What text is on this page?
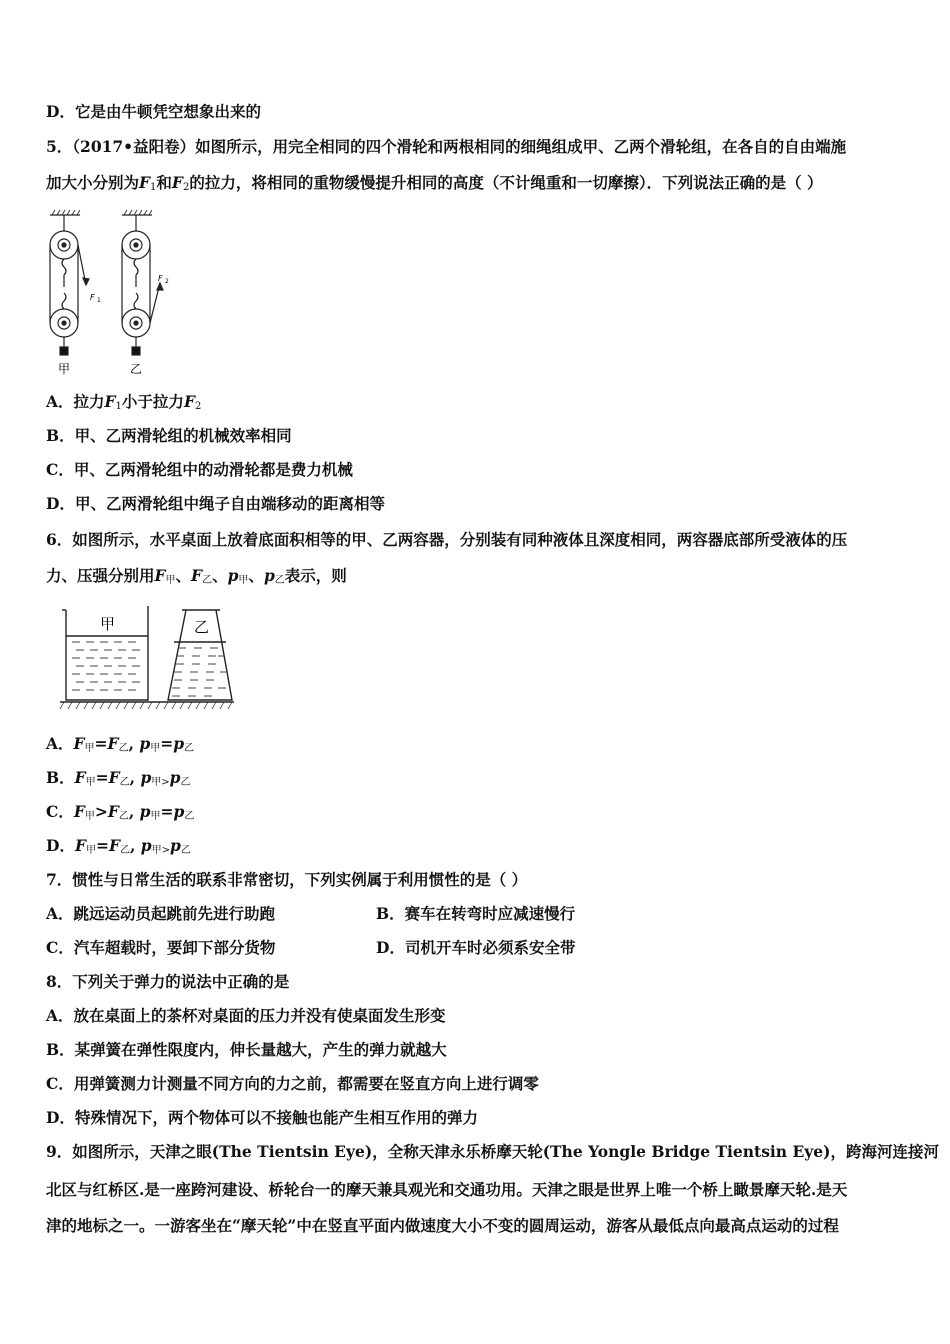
D．它是由牛顿凭空想象出来的
5．（2017•益阳卷）如图所示，用完全相同的四个滑轮和两根相同的细绳组成甲、乙两个滑轮组，在各自的自由端施
加大小分别为$F_1$和$F_2$的拉力，将相同的重物缓慢提升相同的高度（不计绳重和一切摩擦）．下列说法正确的是（ ）
F 1
F 2
甲	乙
A．拉力$F_1$小于拉力$F_2$
B．甲、乙两滑轮组的机械效率相同
C．甲、乙两滑轮组中的动滑轮都是费力机械
D．甲、乙两滑轮组中绳子自由端移动的距离相等
6．如图所示，水平桌面上放着底面积相等的甲、乙两容器，分别装有同种液体且深度相同，两容器底部所受液体的压
力、压强分别用$F_甲$、$F_乙$、$p_甲$、$p_乙$表示，则
甲	乙
A．$F_甲=F_乙$, $p_甲=p_乙$
B．$F_甲=F_乙$, $p_{甲>}p_乙$
C．$F_甲>F_乙$, $p_甲=p_乙$
D．$F_甲=F_乙$, $p_{甲>}p_乙$
7．惯性与日常生活的联系非常密切，下列实例属于利用惯性的是（ ）
A．跳远运动员起跳前先进行助跑	B．赛车在转弯时应减速慢行
C．汽车超载时，要卸下部分货物	D．司机开车时必须系安全带
8．下列关于弹力的说法中正确的是
A．放在桌面上的茶杯对桌面的压力并没有使桌面发生形变
B．某弹簧在弹性限度内，伸长量越大，产生的弹力就越大
C．用弹簧测力计测量不同方向的力之前，都需要在竖直方向上进行调零
D．特殊情况下，两个物体可以不接触也能产生相互作用的弹力
9．如图所示，天津之眼(The Tientsin Eye)，全称天津永乐桥摩天轮(The Yongle Bridge Tientsin Eye)，跨海河连接河
北区与红桥区.是一座跨河建设、桥轮台一的摩天兼具观光和交通功用。天津之眼是世界上唯一个桥上瞰景摩天轮.是天
津的地标之一。一游客坐在“摩天轮”中在竖直平面内做速度大小不变的圆周运动，游客从最低点向最高点运动的过程
